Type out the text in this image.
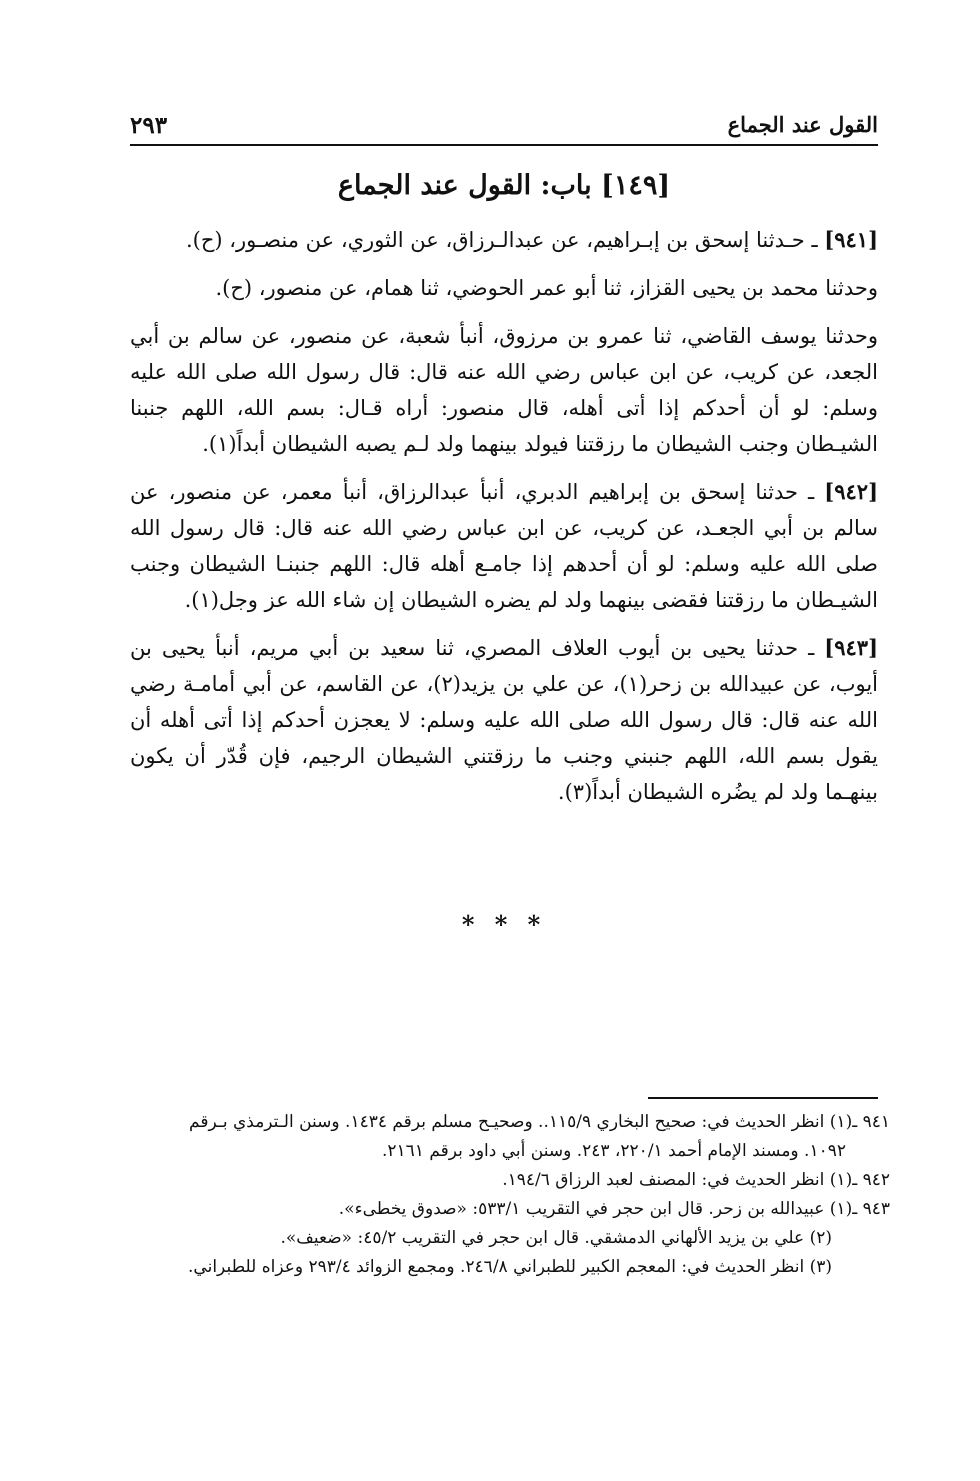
القول عند الجماع
٢٩٣
[١٤٩] باب: القول عند الجماع

[٩٤١] ـ حـدثنا إسحق بن إبـراهيم، عن عبدالـرزاق، عن الثوري، عن منصـور، (ح).

وحدثنا محمد بن يحيى القزاز، ثنا أبو عمر الحوضي، ثنا همام، عن منصور، (ح).

وحدثنا يوسف القاضي، ثنا عمرو بن مرزوق، أنبأ شعبة، عن منصور، عن سالم بن أبي الجعد، عن كريب، عن ابن عباس رضي الله عنه قال: قال رسول الله صلى الله عليه وسلم: لو أن أحدكم إذا أتى أهله، قال منصور: أراه قـال: بسم الله، اللهم جنبنا الشيـطان وجنب الشيطان ما رزقتنا فيولد بينهما ولد لـم يصبه الشيطان أبداً(١).

[٩٤٢] ـ حدثنا إسحق بن إبراهيم الدبري، أنبأ عبدالرزاق، أنبأ معمر، عن منصور، عن سالم بن أبي الجعـد، عن كريب، عن ابن عباس رضي الله عنه قال: قال رسول الله صلى الله عليه وسلم: لو أن أحدهم إذا جامـع أهله قال: اللهم جنبنـا الشيطان وجنب الشيـطان ما رزقتنا فقضى بينهما ولد لم يضره الشيطان إن شاء الله عز وجل(١).

[٩٤٣] ـ حدثنا يحيى بن أيوب العلاف المصري، ثنا سعيد بن أبي مريم، أنبأ يحيى بن أيوب، عن عبيدالله بن زحر(١)، عن علي بن يزيد(٢)، عن القاسم، عن أبي أمامـة رضي الله عنه قال: قال رسول الله صلى الله عليه وسلم: لا يعجزن أحدكم إذا أتى أهله أن يقول بسم الله، اللهم جنبني وجنب ما رزقتني الشيطان الرجيم، فإن قُدّر أن يكون بينهـما ولد لم يضُره الشيطان أبداً(٣).

* * *

٩٤١ ـ(١) انظر الحديث في: صحيح البخاري ١١٥/٩.. وصحيـح مسلم برقم ١٤٣٤. وسنن الـترمذي بـرقم

١٠٩٢. ومسند الإمام أحمد ٢٢٠/١، ٢٤٣. وسنن أبي داود برقم ٢١٦١.

٩٤٢ ـ(١) انظر الحديث في: المصنف لعبد الرزاق ١٩٤/٦.

٩٤٣ ـ(١) عبيدالله بن زحر. قال ابن حجر في التقريب ٥٣٣/١: «صدوق يخطىء».

(٢) علي بن يزيد الألهاني الدمشقي. قال ابن حجر في التقريب ٤٥/٢: «ضعيف».

(٣) انظر الحديث في: المعجم الكبير للطبراني ٢٤٦/٨. ومجمع الزوائد ٢٩٣/٤ وعزاه للطبراني.
